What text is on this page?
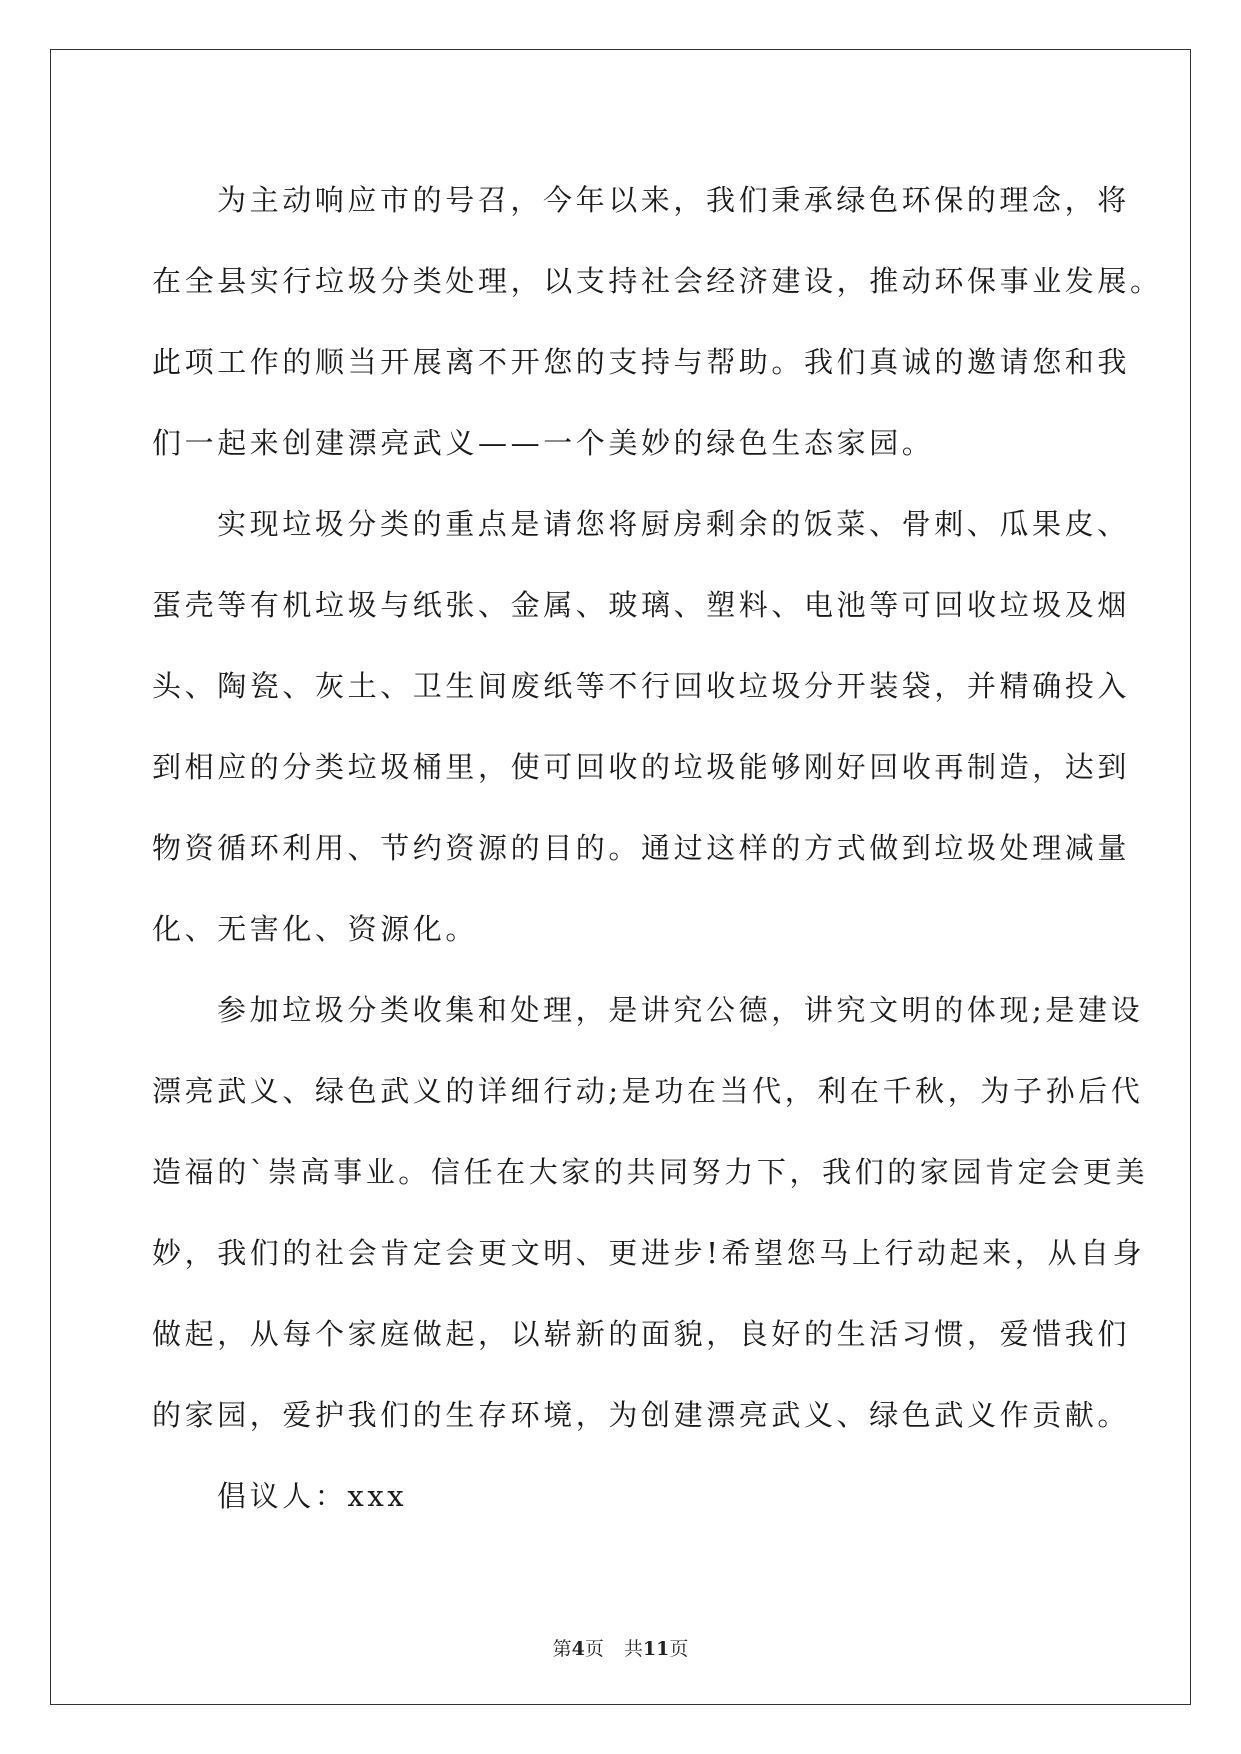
为主动响应市的号召，今年以来，我们秉承绿色环保的理念，将
在全县实行垃圾分类处理，以支持社会经济建设，推动环保事业发展。
此项工作的顺当开展离不开您的支持与帮助。我们真诚的邀请您和我
们一起来创建漂亮武义——一个美妙的绿色生态家园。
实现垃圾分类的重点是请您将厨房剩余的饭菜、骨刺、瓜果皮、
蛋壳等有机垃圾与纸张、金属、玻璃、塑料、电池等可回收垃圾及烟
头、陶瓷、灰土、卫生间废纸等不行回收垃圾分开装袋，并精确投入
到相应的分类垃圾桶里，使可回收的垃圾能够刚好回收再制造，达到
物资循环利用、节约资源的目的。通过这样的方式做到垃圾处理减量
化、无害化、资源化。
参加垃圾分类收集和处理，是讲究公德，讲究文明的体现;是建设
漂亮武义、绿色武义的详细行动;是功在当代，利在千秋，为子孙后代
造福的`崇高事业。信任在大家的共同努力下，我们的家园肯定会更美
妙，我们的社会肯定会更文明、更进步!希望您马上行动起来，从自身
做起，从每个家庭做起，以崭新的面貌，良好的生活习惯，爱惜我们
的家园，爱护我们的生存环境，为创建漂亮武义、绿色武义作贡献。

倡议人：xxx

第4页 共11页
